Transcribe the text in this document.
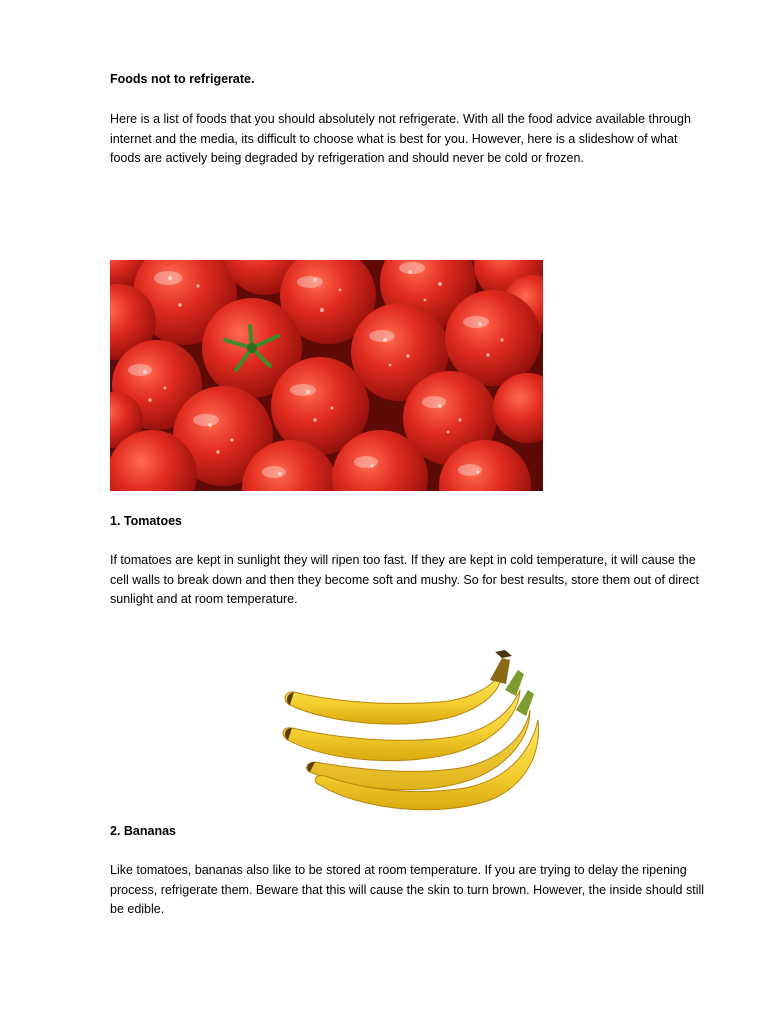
Foods not to refrigerate.

Here is a list of foods that you should absolutely not refrigerate. With all the food advice available through internet and the media, its difficult to choose what is best for you. However, here is a slideshow of what foods are actively being degraded by refrigeration and should never be cold or frozen.

1. Tomatoes

If tomatoes are kept in sunlight they will ripen too fast. If they are kept in cold temperature, it will cause the cell walls to break down and then they become soft and mushy. So for best results, store them out of direct sunlight and at room temperature.

2. Bananas

Like tomatoes, bananas also like to be stored at room temperature. If you are trying to delay the ripening process, refrigerate them. Beware that this will cause the skin to turn brown. However, the inside should still be edible.
